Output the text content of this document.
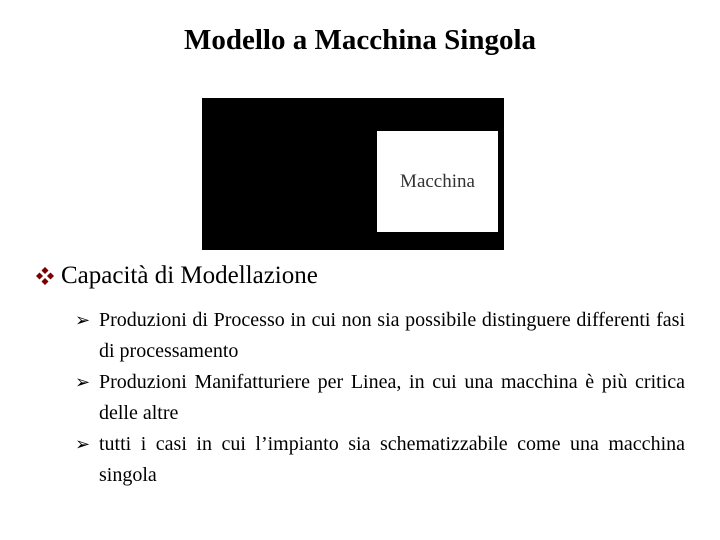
Modello a Macchina Singola
Macchina
Capacità di Modellazione
➢ Produzioni di Processo in cui non sia possibile distinguere differenti fasi di processamento
➢ Produzioni Manifatturiere per Linea, in cui una macchina è più critica delle altre
➢ tutti i casi in cui l’impianto sia schematizzabile come una macchina singola
